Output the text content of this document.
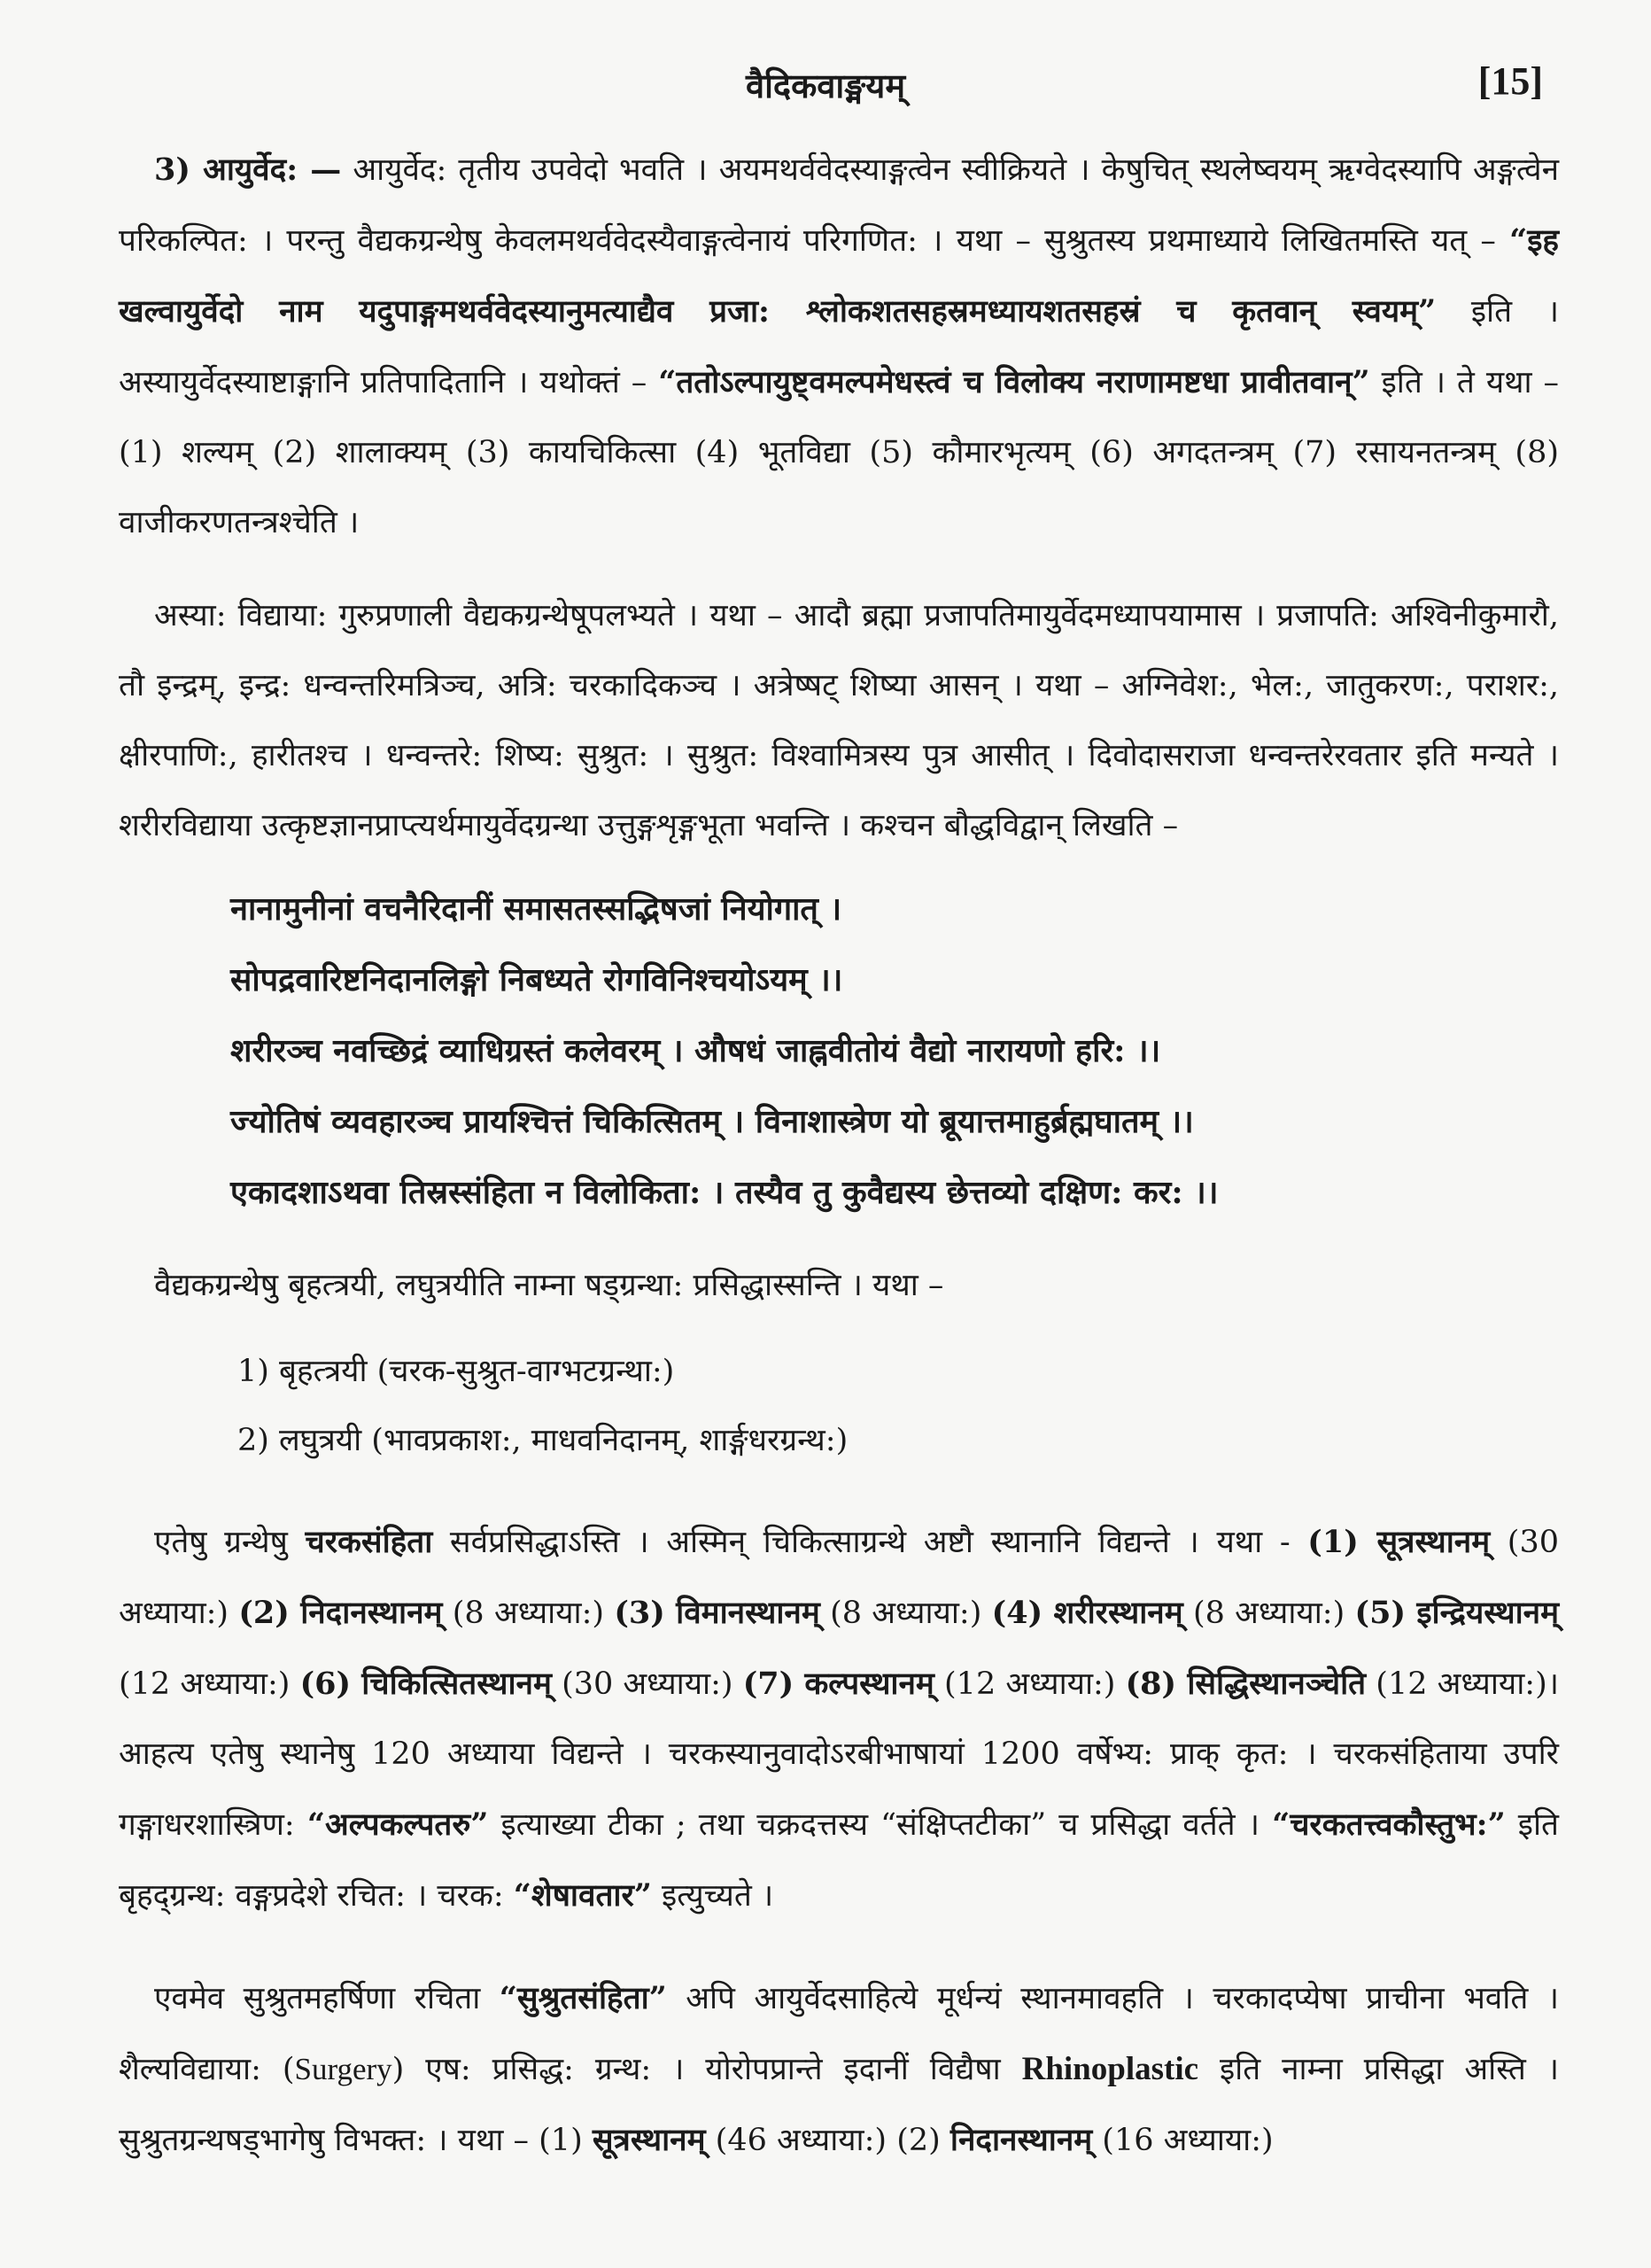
वैदिकवाङ्मयम्	[15]

3) आयुर्वेद: — आयुर्वेद: तृतीय उपवेदो भवति । अयमथर्ववेदस्याङ्गत्वेन स्वीक्रियते । केषुचित् स्थलेष्वयम् ऋग्वेदस्यापि अङ्गत्वेन परिकल्पित: । परन्तु वैद्यकग्रन्थेषु केवलमथर्ववेदस्यैवाङ्गत्वेनायं परिगणित: । यथा – सुश्रुतस्य प्रथमाध्याये लिखितमस्ति यत् – “इह खल्वायुर्वेदो नाम यदुपाङ्गमथर्ववेदस्यानुमत्याद्यैव प्रजा: श्लोकशतसहस्रमध्यायशतसहस्रं च कृतवान् स्वयम्” इति । अस्यायुर्वेदस्याष्टाङ्गानि प्रतिपादितानि । यथोक्तं – “ततोऽल्पायुष्ट्वमल्पमेधस्त्वं च विलोक्य नराणामष्टधा प्रावीतवान्” इति । ते यथा – (1) शल्यम् (2) शालाक्यम् (3) कायचिकित्सा (4) भूतविद्या (5) कौमारभृत्यम् (6) अगदतन्त्रम् (7) रसायनतन्त्रम् (8) वाजीकरणतन्त्रश्चेति ।

अस्या: विद्याया: गुरुप्रणाली वैद्यकग्रन्थेषूपलभ्यते । यथा – आदौ ब्रह्मा प्रजापतिमायुर्वेदमध्यापयामास । प्रजापति: अश्विनीकुमारौ, तौ इन्द्रम्, इन्द्र: धन्वन्तरिमत्रिञ्च, अत्रि: चरकादिकञ्च । अत्रेष्षट् शिष्या आसन् । यथा – अग्निवेश:, भेल:, जातुकरण:, पराशर:, क्षीरपाणि:, हारीतश्च । धन्वन्तरे: शिष्य: सुश्रुत: । सुश्रुत: विश्वामित्रस्य पुत्र आसीत् । दिवोदासराजा धन्वन्तरेरवतार इति मन्यते । शरीरविद्याया उत्कृष्टज्ञानप्राप्त्यर्थमायुर्वेदग्रन्था उत्तुङ्गशृङ्गभूता भवन्ति । कश्चन बौद्धविद्वान् लिखति –

नानामुनीनां वचनैरिदानीं समासतस्सद्भिषजां नियोगात् ।
सोपद्रवारिष्टनिदानलिङ्गो निबध्यते रोगविनिश्चयोऽयम् ।।
शरीरञ्च नवच्छिद्रं व्याधिग्रस्तं कलेवरम् । औषधं जाह्नवीतोयं वैद्यो नारायणो हरि: ।।
ज्योतिषं व्यवहारञ्च प्रायश्चित्तं चिकित्सितम् । विनाशास्त्रेण यो ब्रूयात्तमाहुर्ब्रह्मघातम् ।।
एकादशाऽथवा तिस्रस्संहिता न विलोकिता: । तस्यैव तु कुवैद्यस्य छेत्तव्यो दक्षिण: कर: ।।

वैद्यकग्रन्थेषु बृहत्त्रयी, लघुत्रयीति नाम्ना षड्ग्रन्था: प्रसिद्धास्सन्ति । यथा –

1) बृहत्त्रयी (चरक-सुश्रुत-वाग्भटग्रन्था:)
2) लघुत्रयी (भावप्रकाश:, माधवनिदानम्, शार्ङ्गधरग्रन्थ:)

एतेषु ग्रन्थेषु चरकसंहिता सर्वप्रसिद्धाऽस्ति । अस्मिन् चिकित्साग्रन्थे अष्टौ स्थानानि विद्यन्ते । यथा - (1) सूत्रस्थानम् (30 अध्याया:) (2) निदानस्थानम् (8 अध्याया:) (3) विमानस्थानम् (8 अध्याया:) (4) शरीरस्थानम् (8 अध्याया:) (5) इन्द्रियस्थानम् (12 अध्याया:) (6) चिकित्सितस्थानम् (30 अध्याया:) (7) कल्पस्थानम् (12 अध्याया:) (8) सिद्धिस्थानञ्चेति (12 अध्याया:)। आहत्य एतेषु स्थानेषु 120 अध्याया विद्यन्ते । चरकस्यानुवादोऽरबीभाषायां 1200 वर्षेभ्य: प्राक् कृत: । चरकसंहिताया उपरि गङ्गाधरशास्त्रिण: “अल्पकल्पतरु” इत्याख्या टीका ; तथा चक्रदत्तस्य “संक्षिप्तटीका” च प्रसिद्धा वर्तते । “चरकतत्त्वकौस्तुभ:” इति बृहद्ग्रन्थ: वङ्गप्रदेशे रचित: । चरक: “शेषावतार” इत्युच्यते ।

एवमेव सुश्रुतमहर्षिणा रचिता “सुश्रुतसंहिता” अपि आयुर्वेदसाहित्ये मूर्धन्यं स्थानमावहति । चरकादप्येषा प्राचीना भवति । शैल्यविद्याया: (Surgery) एष: प्रसिद्ध: ग्रन्थ: । योरोपप्रान्ते इदानीं विद्यैषा Rhinoplastic इति नाम्ना प्रसिद्धा अस्ति । सुश्रुतग्रन्थषड्भागेषु विभक्त: । यथा – (1) सूत्रस्थानम् (46 अध्याया:) (2) निदानस्थानम् (16 अध्याया:)
